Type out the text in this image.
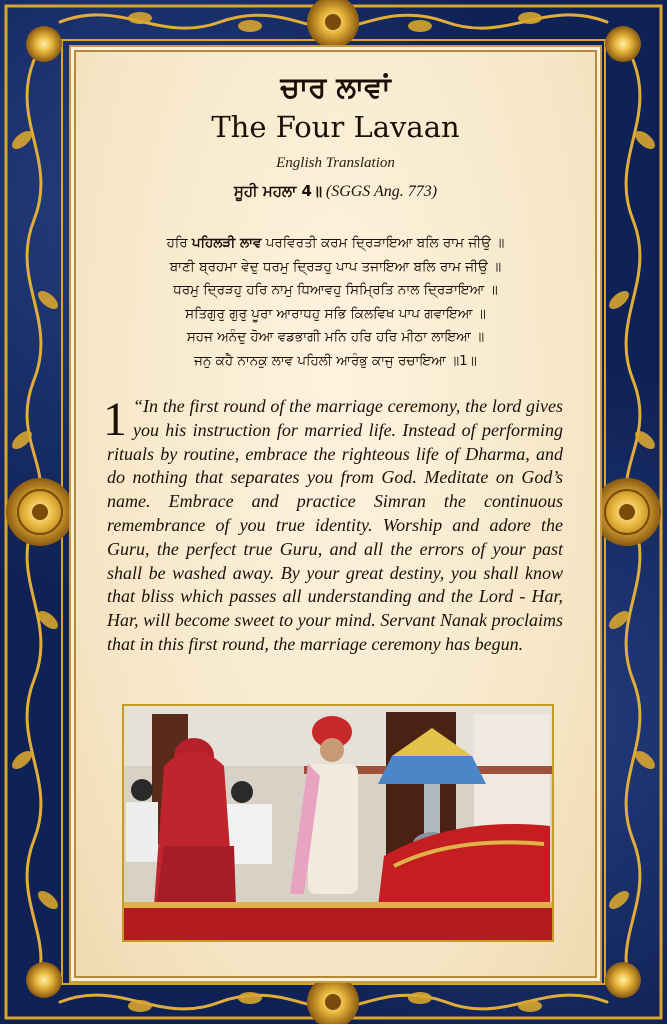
ਚਾਰ ਲਾਵਾਂ
The Four Lavaan
English Translation
ਸੂਹੀ ਮਹਲਾ 4॥ (SGGS Ang. 773)
ਹਰਿ ਪਹਿਲੜੀ ਲਾਵ ਪਰਵਿਰਤੀ ਕਰਮ ਦ੍ਰਿੜਾਇਆ ਬਲਿ ਰਾਮ ਜੀਉ ॥
ਬਾਣੀ ਬ੍ਰਹਮਾ ਵੇਦੁ ਧਰਮੁ ਦ੍ਰਿੜਹੁ ਪਾਪ ਤਜਾਇਆ ਬਲਿ ਰਾਮ ਜੀਉ ॥
ਧਰਮੁ ਦ੍ਰਿੜਹੁ ਹਰਿ ਨਾਮੁ ਧਿਆਵਹੁ ਸਿਮ੍ਰਿਤਿ ਨਾਲ ਦ੍ਰਿੜਾਇਆ ॥
ਸਤਿਗੁਰੁ ਗੁਰੁ ਪੂਰਾ ਆਰਾਧਹੁ ਸਭਿ ਕਿਲਵਿਖ ਪਾਪ ਗਵਾਇਆ ॥
ਸਹਜ ਅਨੰਦੁ ਹੋਆ ਵਡਭਾਗੀ ਮਨਿ ਹਰਿ ਹਰਿ ਮੀਠਾ ਲਾਇਆ ॥
ਜਨੁ ਕਹੈ ਨਾਨਕੁ ਲਾਵ ਪਹਿਲੀ ਆਰੰਭੁ ਕਾਜੁ ਰਚਾਇਆ ॥1॥
1 “In the first round of the marriage ceremony, the lord gives you his instruction for married life. Instead of performing rituals by routine, embrace the righteous life of Dharma, and do nothing that separates you from God. Meditate on God’s name. Embrace and practice Simran the continuous remembrance of you true identity. Worship and adore the Guru, the perfect true Guru, and all the errors of your past shall be washed away. By your great destiny, you shall know that bliss which passes all understanding and the Lord - Har, Har, will become sweet to your mind. Servant Nanak proclaims that in this first round, the marriage ceremony has begun.
